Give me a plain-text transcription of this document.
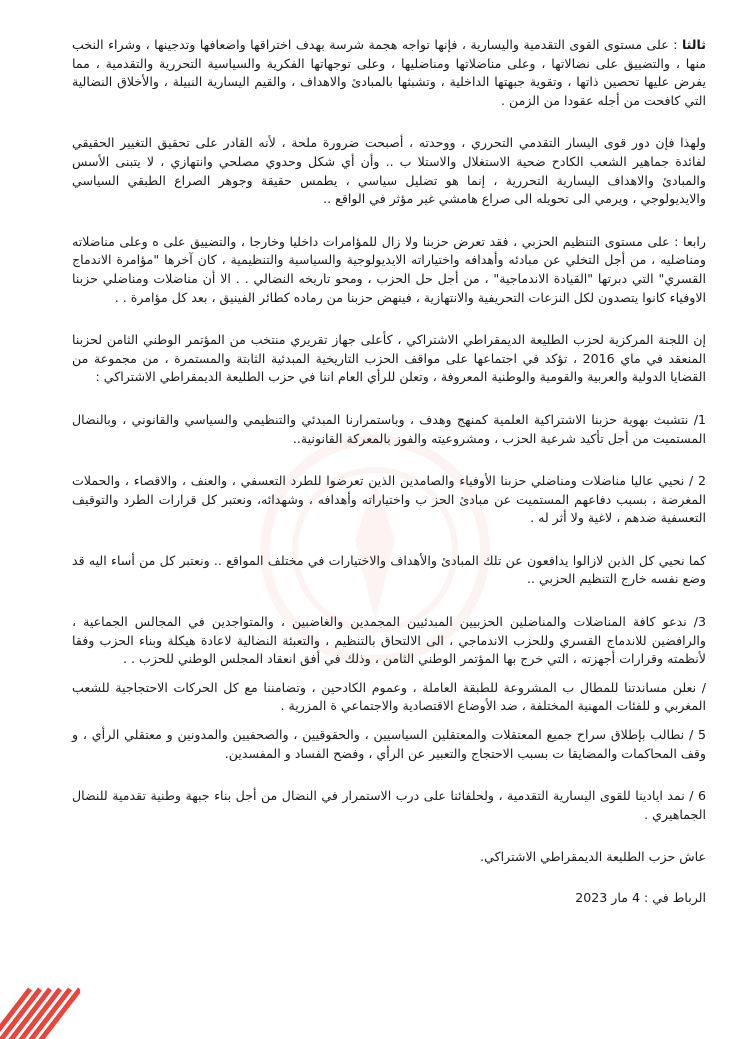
ثالثا : على مستوى القوى التقدمية واليسارية ، فإنها تواجه هجمة شرسة بهدف اختراقها واضعافها وتدجينها ، وشراء النخب منها ، والتضييق على نضالاتها ، وعلى مناضلاتها ومناضليها ، وعلى توجهاتها الفكرية والسياسية التحررية والتقدمية ، مما يفرض عليها تحصين ذاتها ، وتقوية جبهتها الداخلية ، وتشبثها بالمبادئ والاهداف ، والقيم اليسارية النبيلة ، والأخلاق النضالية التي كافحت من أجله عقودا من الزمن .

ولهذا فإن دور قوى اليسار التقدمي التحرري ، ووحدته ، أصبحت ضرورة ملحة ، لأنه القادر على تحقيق التغيير الحقيقي لفائدة جماهير الشعب الكادح ضحية الاستغلال والاستلا ب .. وأن أي شكل وحدوي مصلحي وانتهازي ، لا يتبنى الأسس والمبادئ والاهداف اليسارية التحررية ، إنما هو تضليل سياسي ، يطمس حقيقة وجوهر الصراع الطبقي السياسي والايديولوجي ، ويرمي الى تحويله الى صراع هامشي غير مؤثر في الواقع ..

رابعا : على مستوى التنظيم الحزبي ، فقد تعرض حزبنا ولا زال للمؤامرات داخليا وخارجا ، والتضييق على ه وعلى مناضلاته ومناضليه ، من أجل التخلي عن مبادئه وأهدافه واختياراته الايديولوجية والسياسية والتنظيمية ، كان آخرها "مؤامرة الاندماج القسري" التي دبرتها "القيادة الاندماجية" ، من أجل حل الحزب ، ومحو تاريخه النضالي . . الا أن مناضلات ومناضلي حزبنا الاوفياء كانوا يتصدون لكل النزعات التحريفية والانتهازية ، فينهض حزبنا من رماده كطائر الفينيق ، بعد كل مؤامرة . .

إن اللجنة المركزية لحزب الطليعة الديمقراطي الاشتراكي ، كأعلى جهاز تقريري منتخب من المؤتمر الوطني الثامن لحزبنا المنعقد في ماي 2016 ، تؤكد في اجتماعها على مواقف الحزب التاريخية المبدئية الثابتة والمستمرة ، من مجموعة من القضايا الدولية والعربية والقومية والوطنية المعروفة ، وتعلن للرأي العام اننا في حزب الطليعة الديمقراطي الاشتراكي :

1/ نتشبث بهوية حزبنا الاشتراكية العلمية كمنهج وهدف ، وباستمرارنا المبدئي والتنظيمي والسياسي والقانوني ، وبالنضال المستميت من أجل تأكيد شرعية الحزب ، ومشروعيته والفوز بالمعركة القانونية..

2 / نحيي عاليا مناضلات ومناضلي حزبنا الأوفياء والصامدين الذين تعرضوا للطرد التعسفي ، والعنف ، والاقصاء ، والحملات المغرضة ، بسبب دفاعهم المستميت عن مبادئ الحز ب واختياراته وأهدافه ، وشهدائه، ونعتبر كل قرارات الطرد والتوقيف التعسفية ضدهم ، لاغية ولا أثر له .

كما نحيي كل الذين لازالوا يدافعون عن تلك المبادئ والأهداف والاختيارات في مختلف المواقع .. ونعتبر كل من أساء اليه قد وضع نفسه خارج التنظيم الحزبي ..

3/ ندعو كافة المناضلات والمناضلين الحزبيين المبدئيين المجمدين والغاضبين ، والمتواجدين في المجالس الجماعية ، والرافضين للاندماج القسري وللحزب الاندماجي ، الى الالتحاق بالتنظيم ، والتعبئة النضالية لاعادة هيكلة وبناء الحزب وفقا لأنظمته وقرارات أجهزته ، التي خرج بها المؤتمر الوطني الثامن ، وذلك في أفق انعقاد المجلس الوطني للحزب . .

/ نعلن مساندتنا للمطال ب المشروعة للطبقة العاملة ، وعموم الكادحين ، وتضامننا مع كل الحركات الاحتجاجية للشعب المغربي و للفئات المهنية المختلفة ، ضد الأوضاع الاقتصادية والاجتماعي ة المزرية .

5 / نطالب بإطلاق سراح جميع المعتقلات والمعتقلين السياسيين ، والحقوقيين ، والصحفيين والمدونين و معتقلي الرأي ، و وقف المحاكمات والمضايقا ت بسبب الاحتجاج والتعبير عن الرأي ، وفضح الفساد و المفسدين.

6 / نمد ايادينا للقوى اليسارية التقدمية ، ولحلفائنا على درب الاستمرار في النضال من أجل بناء جبهة وطنية تقدمية للنضال الجماهيري .

عاش حزب الطليعة الديمقراطي الاشتراكي.

الرباط في : 4 مار 2023
